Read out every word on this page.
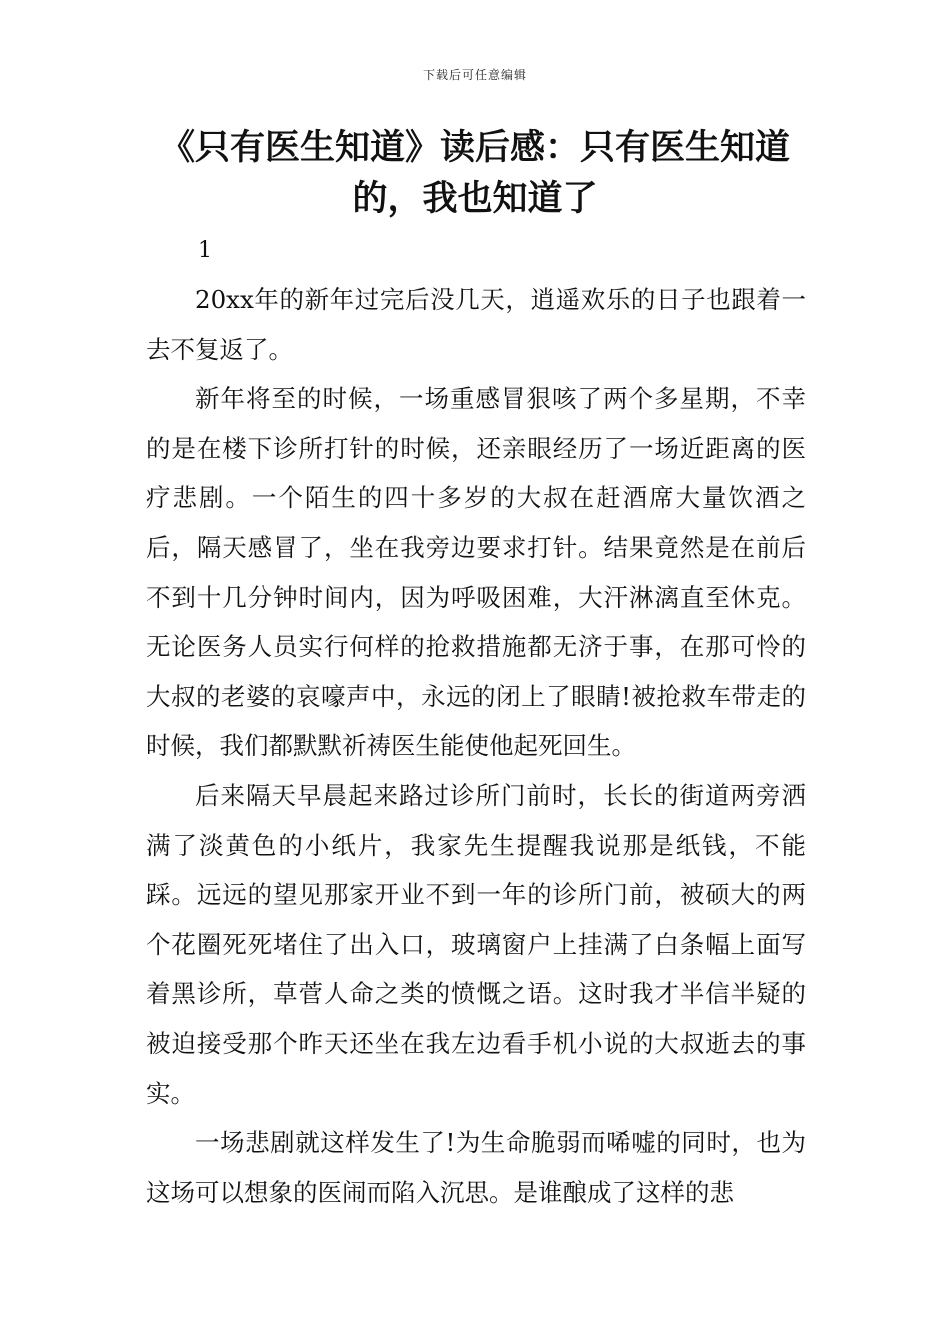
下载后可任意编辑
《只有医生知道》读后感：只有医生知道的，我也知道了
1

20xx年的新年过完后没几天，逍遥欢乐的日子也跟着一去不复返了。

新年将至的时候，一场重感冒狠咳了两个多星期，不幸的是在楼下诊所打针的时候，还亲眼经历了一场近距离的医疗悲剧。一个陌生的四十多岁的大叔在赶酒席大量饮酒之后，隔天感冒了，坐在我旁边要求打针。结果竟然是在前后不到十几分钟时间内，因为呼吸困难，大汗淋漓直至休克。无论医务人员实行何样的抢救措施都无济于事，在那可怜的大叔的老婆的哀嚎声中，永远的闭上了眼睛!被抢救车带走的时候，我们都默默祈祷医生能使他起死回生。

后来隔天早晨起来路过诊所门前时，长长的街道两旁洒满了淡黄色的小纸片，我家先生提醒我说那是纸钱，不能踩。远远的望见那家开业不到一年的诊所门前，被硕大的两个花圈死死堵住了出入口，玻璃窗户上挂满了白条幅上面写着黑诊所，草菅人命之类的愤慨之语。这时我才半信半疑的被迫接受那个昨天还坐在我左边看手机小说的大叔逝去的事实。

一场悲剧就这样发生了!为生命脆弱而唏嘘的同时，也为这场可以想象的医闹而陷入沉思。是谁酿成了这样的悲
